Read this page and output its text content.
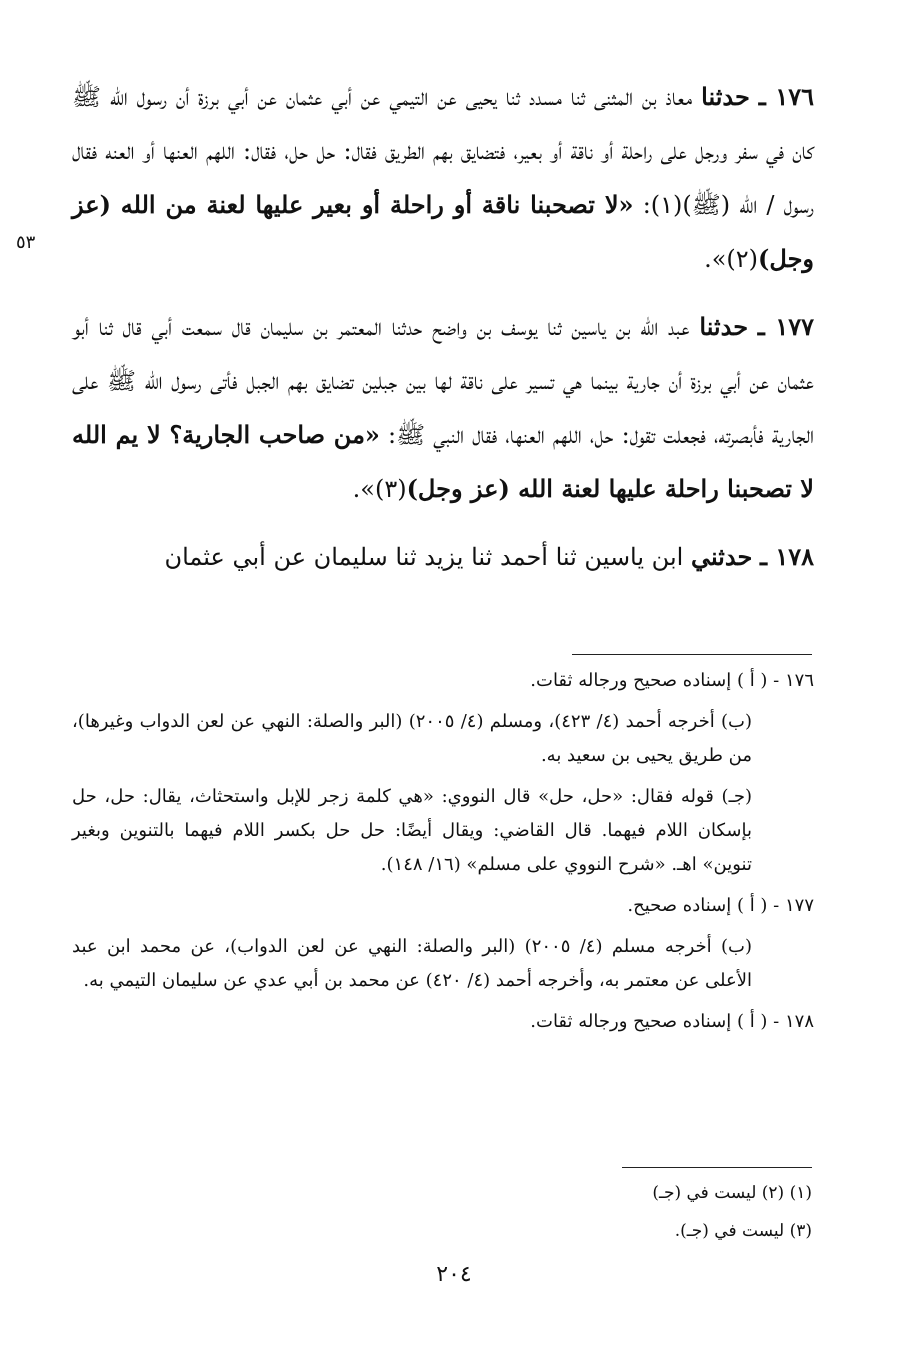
١٧٦ ـ حدثنا معاذ بن المثنى ثنا مسدد ثنا يحيى عن التيمي عن أبي عثمان عن أبي برزة أن رسول الله ﷺ كان في سفر ورجل على راحلة أو ناقة أو بعير، فتضايق بهم الطريق فقال: حل حل، فقال: اللهم العنها أو العنه فقال رسول / الله (ﷺ)(١): «لا تصحبنا ناقة أو راحلة أو بعير عليها لعنة من الله (عز وجل)(٢)».

١٧٧ ـ حدثنا عبد الله بن ياسين ثنا يوسف بن واضح حدثنا المعتمر بن سليمان قال سمعت أبي قال ثنا أبو عثمان عن أبي برزة أن جارية بينما هي تسير على ناقة لها بين جبلين تضايق بهم الجبل فأتى رسول الله ﷺ على الجارية فأبصرته، فجعلت تقول: حل، اللهم العنها، فقال النبي ﷺ: «من صاحب الجارية؟ لا يم الله لا تصحبنا راحلة عليها لعنة الله (عز وجل)(٣)».

١٧٨ ـ حدثني ابن ياسين ثنا أحمد ثنا يزيد ثنا سليمان عن أبي عثمان

٥٣

١٧٦ - ( أ ) إسناده صحيح ورجاله ثقات.

(ب) أخرجه أحمد (٤/ ٤٢٣)، ومسلم (٤/ ٢٠٠٥) (البر والصلة: النهي عن لعن الدواب وغيرها)، من طريق يحيى بن سعيد به.

(جـ) قوله فقال: «حل، حل» قال النووي: «هي كلمة زجر للإبل واستحثاث، يقال: حل، حل بإسكان اللام فيهما. قال القاضي: ويقال أيضًا: حل حل بكسر اللام فيهما بالتنوين وبغير تنوين» اهـ. «شرح النووي على مسلم» (١٦/ ١٤٨).

١٧٧ - ( أ ) إسناده صحيح.

(ب) أخرجه مسلم (٤/ ٢٠٠٥) (البر والصلة: النهي عن لعن الدواب)، عن محمد ابن عبد الأعلى عن معتمر به، وأخرجه أحمد (٤/ ٤٢٠) عن محمد بن أبي عدي عن سليمان التيمي به.

١٧٨ - ( أ ) إسناده صحيح ورجاله ثقات.

(١) (٢) ليست في (جـ)

(٣) ليست في (جـ).

٢٠٤
